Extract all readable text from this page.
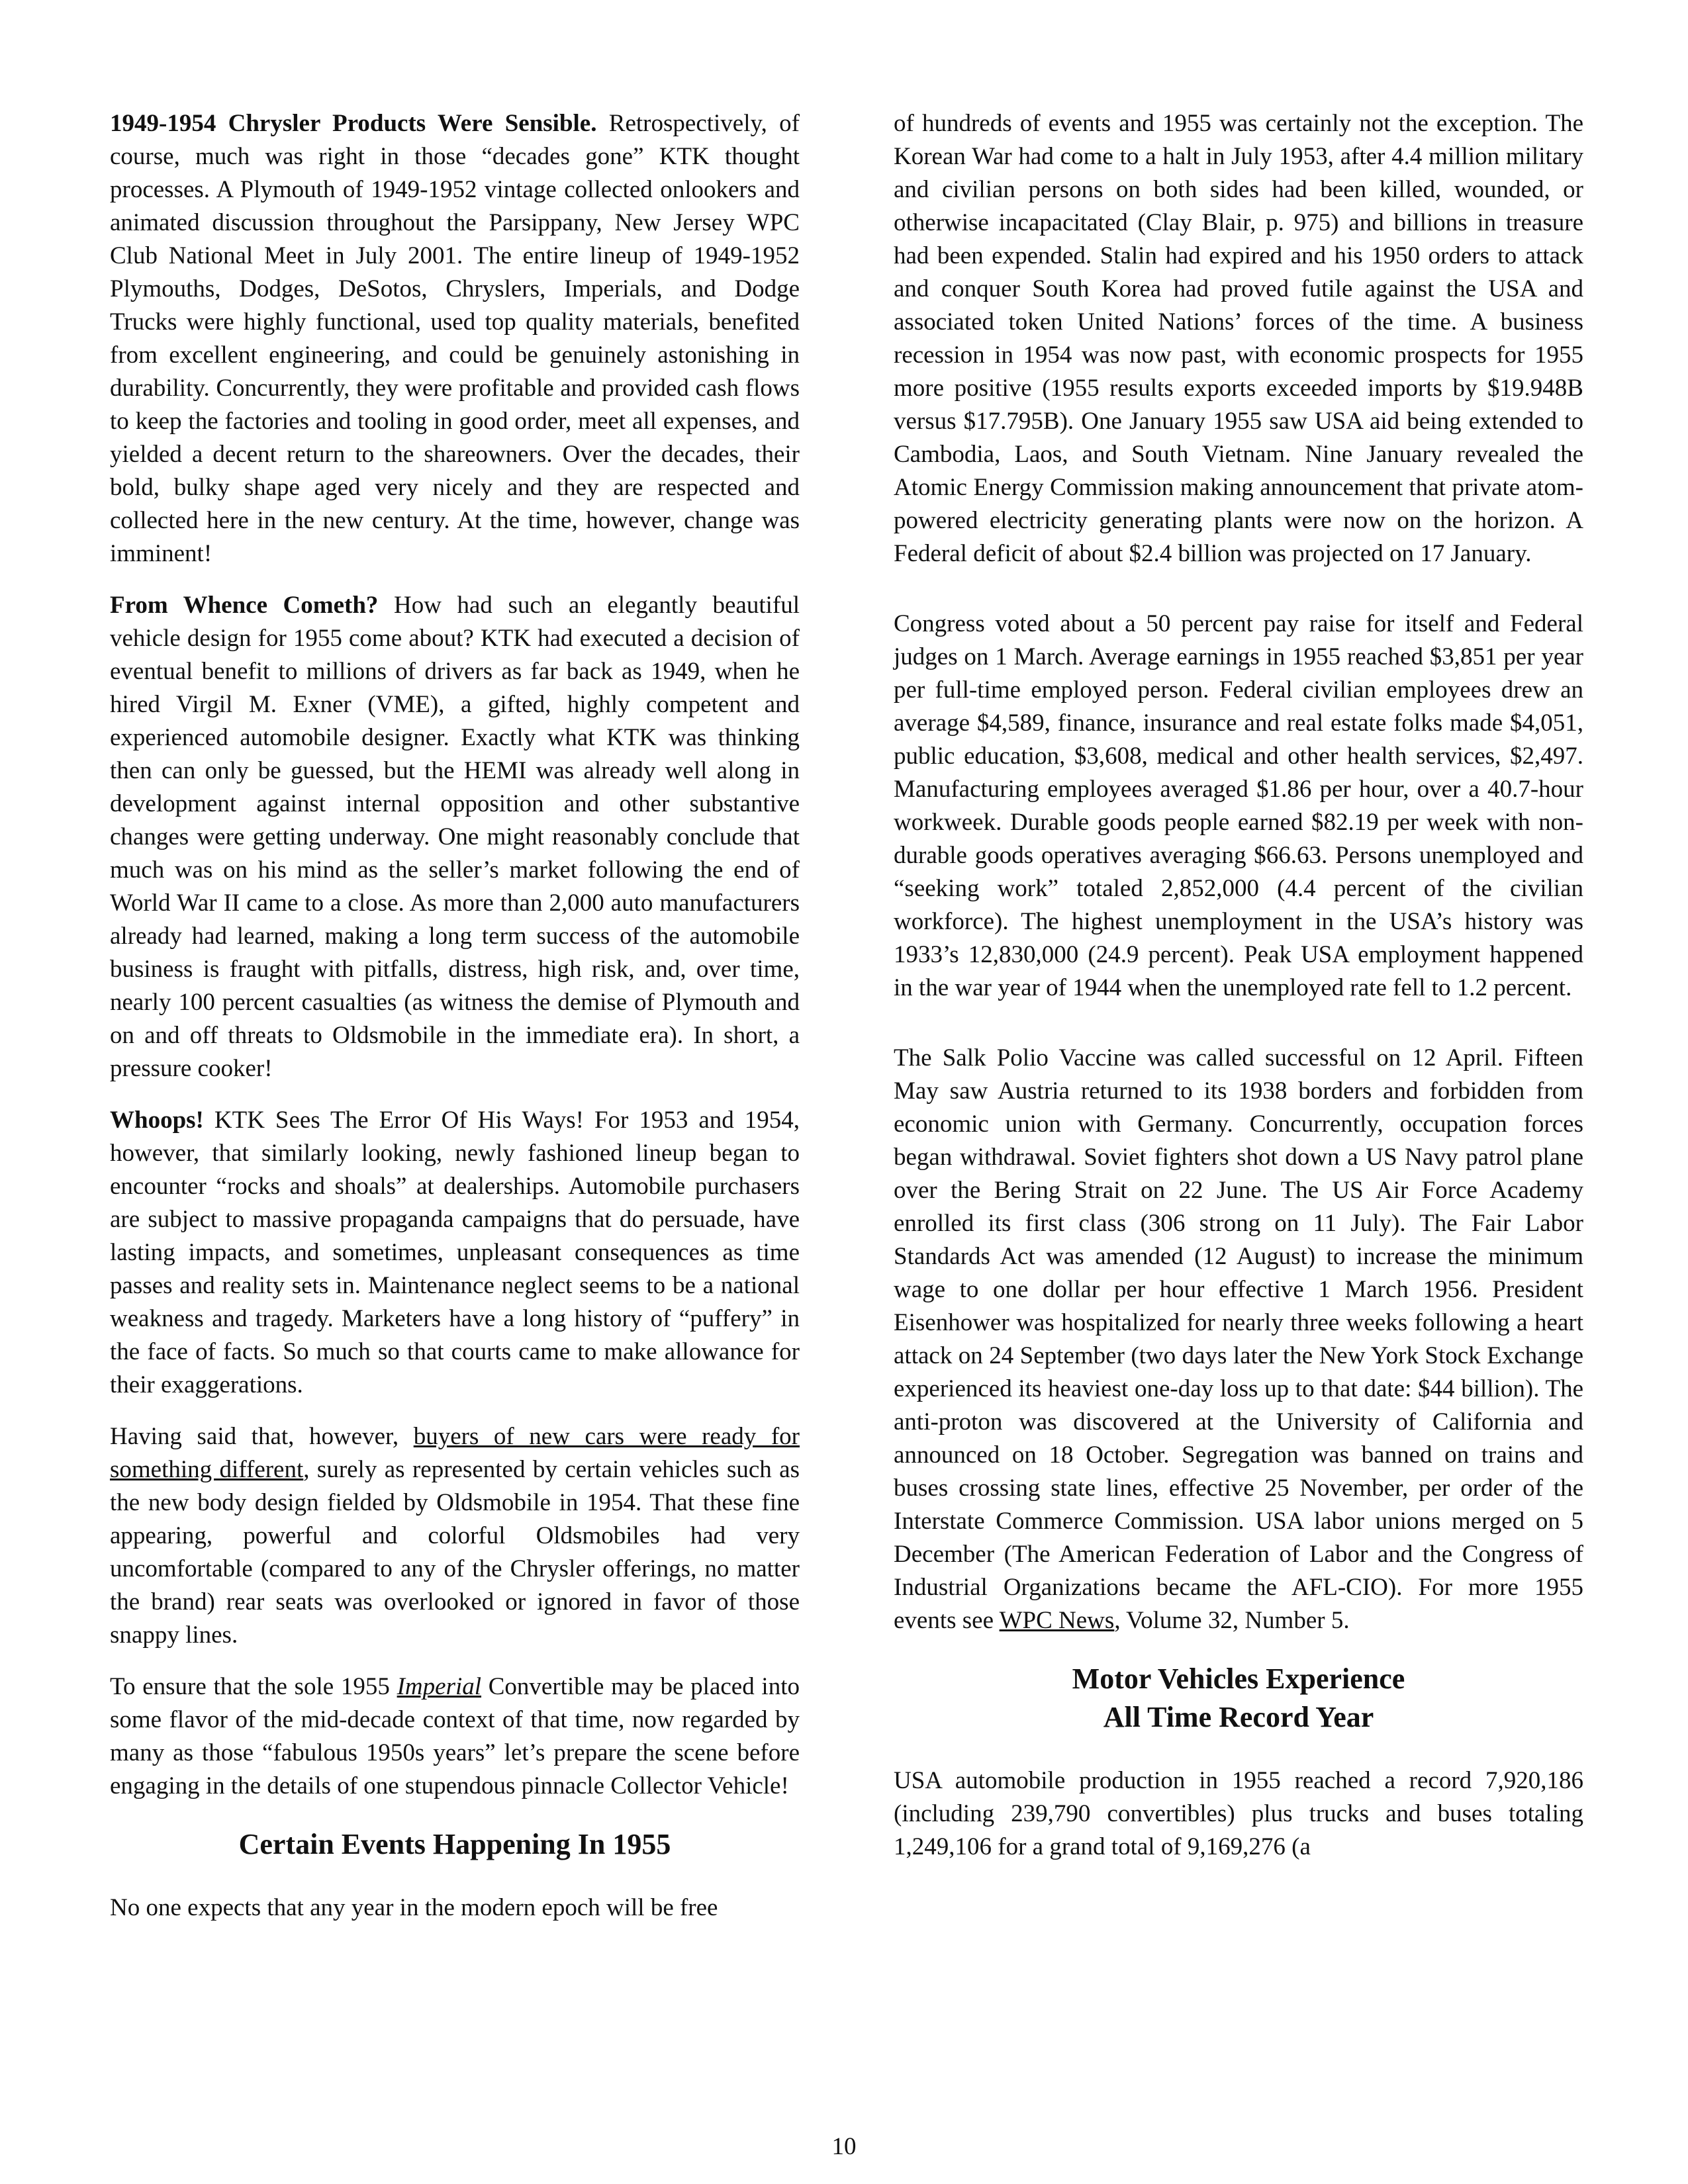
1949-1954 Chrysler Products Were Sensible. Retrospectively, of course, much was right in those “decades gone” KTK thought processes. A Plymouth of 1949-1952 vintage collected onlookers and animated discussion throughout the Parsippany, New Jersey WPC Club National Meet in July 2001. The entire lineup of 1949-1952 Plymouths, Dodges, DeSotos, Chryslers, Imperials, and Dodge Trucks were highly functional, used top quality materials, benefited from excellent engineering, and could be genuinely astonishing in durability. Concurrently, they were profitable and provided cash flows to keep the factories and tooling in good order, meet all expenses, and yielded a decent return to the shareowners. Over the decades, their bold, bulky shape aged very nicely and they are respected and collected here in the new century. At the time, however, change was imminent!

From Whence Cometh? How had such an elegantly beautiful vehicle design for 1955 come about? KTK had executed a decision of eventual benefit to millions of drivers as far back as 1949, when he hired Virgil M. Exner (VME), a gifted, highly competent and experienced automobile designer. Exactly what KTK was thinking then can only be guessed, but the HEMI was already well along in development against internal opposition and other substantive changes were getting underway. One might reasonably conclude that much was on his mind as the seller’s market following the end of World War II came to a close. As more than 2,000 auto manufacturers already had learned, making a long term success of the automobile business is fraught with pitfalls, distress, high risk, and, over time, nearly 100 percent casualties (as witness the demise of Plymouth and on and off threats to Oldsmobile in the immediate era). In short, a pressure cooker!

Whoops! KTK Sees The Error Of His Ways! For 1953 and 1954, however, that similarly looking, newly fashioned lineup began to encounter “rocks and shoals” at dealerships. Automobile purchasers are subject to massive propaganda campaigns that do persuade, have lasting impacts, and sometimes, unpleasant consequences as time passes and reality sets in. Maintenance neglect seems to be a national weakness and tragedy. Marketers have a long history of “puffery” in the face of facts. So much so that courts came to make allowance for their exaggerations.

Having said that, however, buyers of new cars were ready for something different, surely as represented by certain vehicles such as the new body design fielded by Oldsmobile in 1954. That these fine appearing, powerful and colorful Oldsmobiles had very uncomfortable (compared to any of the Chrysler offerings, no matter the brand) rear seats was overlooked or ignored in favor of those snappy lines.

To ensure that the sole 1955 Imperial Convertible may be placed into some flavor of the mid-decade context of that time, now regarded by many as those “fabulous 1950s years” let’s prepare the scene before engaging in the details of one stupendous pinnacle Collector Vehicle!

Certain Events Happening In 1955

No one expects that any year in the modern epoch will be free

of hundreds of events and 1955 was certainly not the exception. The Korean War had come to a halt in July 1953, after 4.4 million military and civilian persons on both sides had been killed, wounded, or otherwise incapacitated (Clay Blair, p. 975) and billions in treasure had been expended. Stalin had expired and his 1950 orders to attack and conquer South Korea had proved futile against the USA and associated token United Nations’ forces of the time. A business recession in 1954 was now past, with economic prospects for 1955 more positive (1955 results exports exceeded imports by $19.948B versus $17.795B). One January 1955 saw USA aid being extended to Cambodia, Laos, and South Vietnam. Nine January revealed the Atomic Energy Commission making announcement that private atom-powered electricity generating plants were now on the horizon. A Federal deficit of about $2.4 billion was projected on 17 January.

Congress voted about a 50 percent pay raise for itself and Federal judges on 1 March. Average earnings in 1955 reached $3,851 per year per full-time employed person. Federal civilian employees drew an average $4,589, finance, insurance and real estate folks made $4,051, public education, $3,608, medical and other health services, $2,497. Manufacturing employees averaged $1.86 per hour, over a 40.7-hour workweek. Durable goods people earned $82.19 per week with non-durable goods operatives averaging $66.63. Persons unemployed and “seeking work” totaled 2,852,000 (4.4 percent of the civilian workforce). The highest unemployment in the USA’s history was 1933’s 12,830,000 (24.9 percent). Peak USA employment happened in the war year of 1944 when the unemployed rate fell to 1.2 percent.

The Salk Polio Vaccine was called successful on 12 April. Fifteen May saw Austria returned to its 1938 borders and forbidden from economic union with Germany. Concurrently, occupation forces began withdrawal. Soviet fighters shot down a US Navy patrol plane over the Bering Strait on 22 June. The US Air Force Academy enrolled its first class (306 strong on 11 July). The Fair Labor Standards Act was amended (12 August) to increase the minimum wage to one dollar per hour effective 1 March 1956. President Eisenhower was hospitalized for nearly three weeks following a heart attack on 24 September (two days later the New York Stock Exchange experienced its heaviest one-day loss up to that date: $44 billion). The anti-proton was discovered at the University of California and announced on 18 October. Segregation was banned on trains and buses crossing state lines, effective 25 November, per order of the Interstate Commerce Commission. USA labor unions merged on 5 December (The American Federation of Labor and the Congress of Industrial Organizations became the AFL-CIO). For more 1955 events see WPC News, Volume 32, Number 5.

Motor Vehicles Experience
All Time Record Year

USA automobile production in 1955 reached a record 7,920,186 (including 239,790 convertibles) plus trucks and buses totaling 1,249,106 for a grand total of 9,169,276 (a

10
